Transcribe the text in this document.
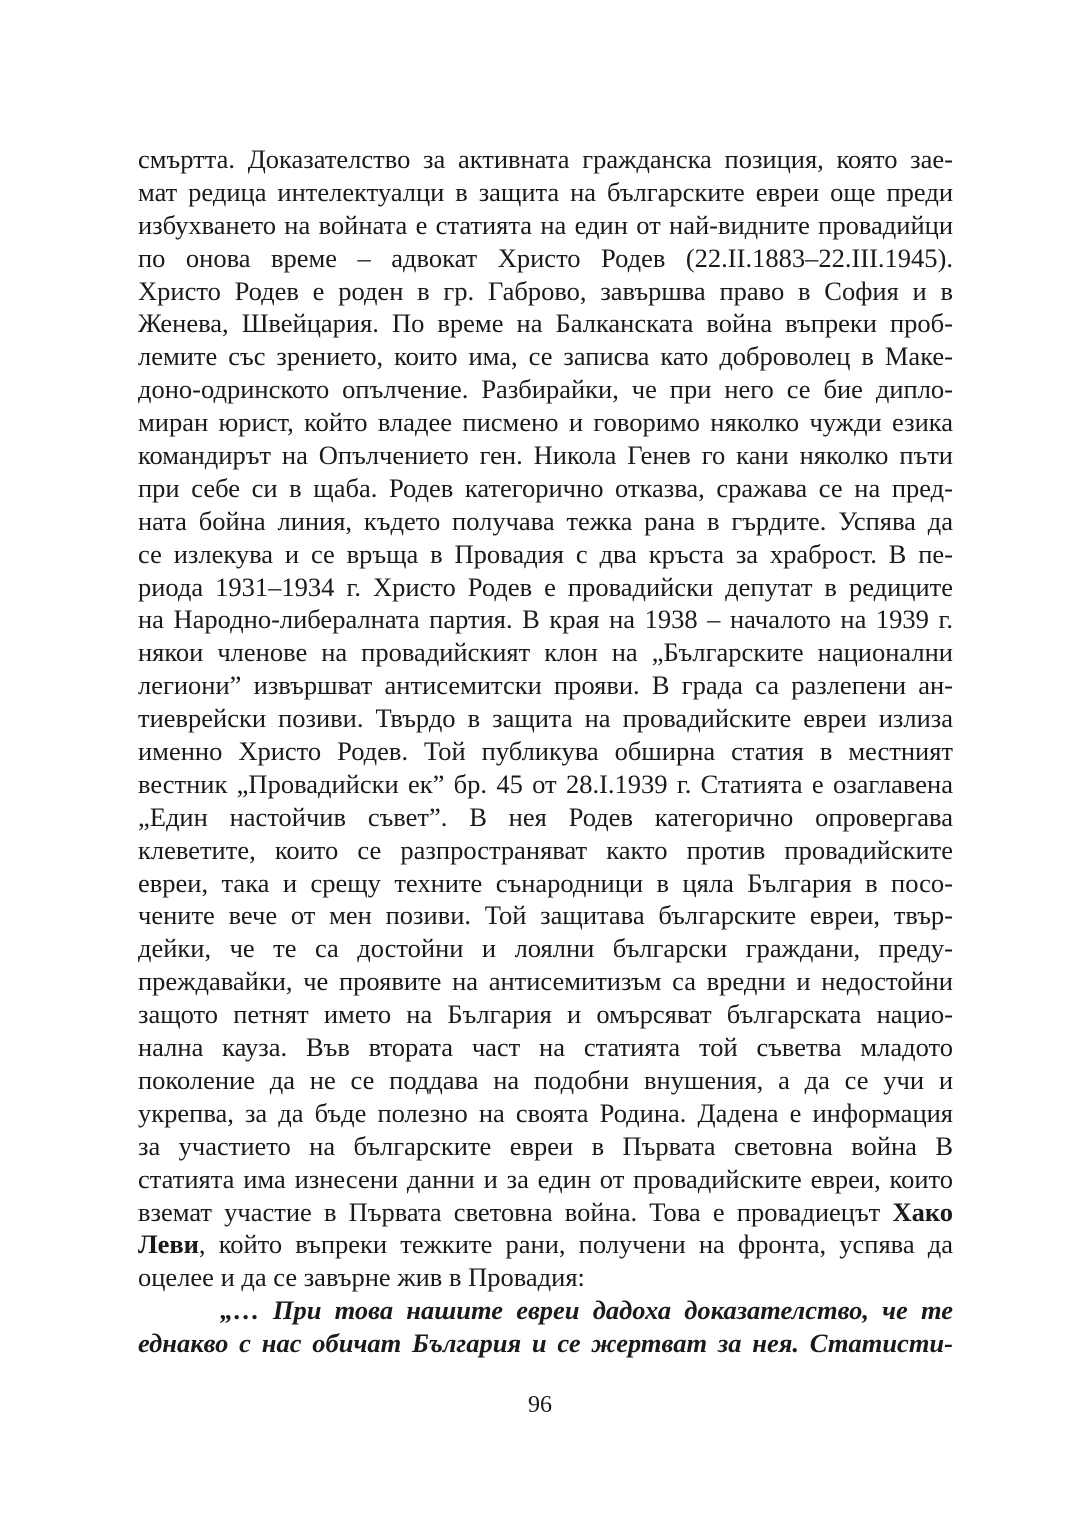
смъртта. Доказателство за активната гражданска позиция, която зае-
мат редица интелектуалци в защита на българските евреи още преди
избухването на войната е статията на един от най-видните провадийци
по онова време – адвокат Христо Родев (22.II.1883–22.III.1945).
Христо Родев е роден в гр. Габрово, завършва право в София и в
Женева, Швейцария. По време на Балканската война въпреки проб-
лемите със зрението, които има, се записва като доброволец в Маке-
доно-одринското опълчение. Разбирайки, че при него се бие дипло-
миран юрист, който владее писмено и говоримо няколко чужди езика
командирът на Опълчението ген. Никола Генев го кани няколко пъти
при себе си в щаба. Родев категорично отказва, сражава се на пред-
ната бойна линия, където получава тежка рана в гърдите. Успява да
се излекува и се връща в Провадия с два кръста за храброст. В пе-
риода 1931–1934 г. Христо Родев е провадийски депутат в редиците
на Народно-либералната партия. В края на 1938 – началото на 1939 г.
някои членове на провадийският клон на „Българските национални
легиони” извършват антисемитски прояви. В града са разлепени ан-
тиеврейски позиви. Твърдо в защита на провадийските евреи излиза
именно Христо Родев. Той публикува обширна статия в местният
вестник „Провадийски ек” бр. 45 от 28.I.1939 г. Статията е озаглавена
„Един настойчив съвет”. В нея Родев категорично опровергава
клеветите, които се разпространяват както против провадийските
евреи, така и срещу техните сънародници в цяла България в посо-
чените вече от мен позиви. Той защитава българските евреи, твър-
дейки, че те са достойни и лоялни български граждани, преду-
преждавайки, че проявите на антисемитизъм са вредни и недостойни
защото петнят името на България и омърсяват българската нацио-
нална кауза. Във втората част на статията той съветва младото
поколение да не се поддава на подобни внушения, а да се учи и
укрепва, за да бъде полезно на своята Родина. Дадена е информация
за участието на българските евреи в Първата световна война В
статията има изнесени данни и за един от провадийските евреи, които
вземат участие в Първата световна война. Това е провадиецът Хако
Леви, който въпреки тежките рани, получени на фронта, успява да
оцелее и да се завърне жив в Провадия:
„… При това нашите евреи дадоха доказателство, че те
еднакво с нас обичат България и се жертват за нея. Статисти-
96
